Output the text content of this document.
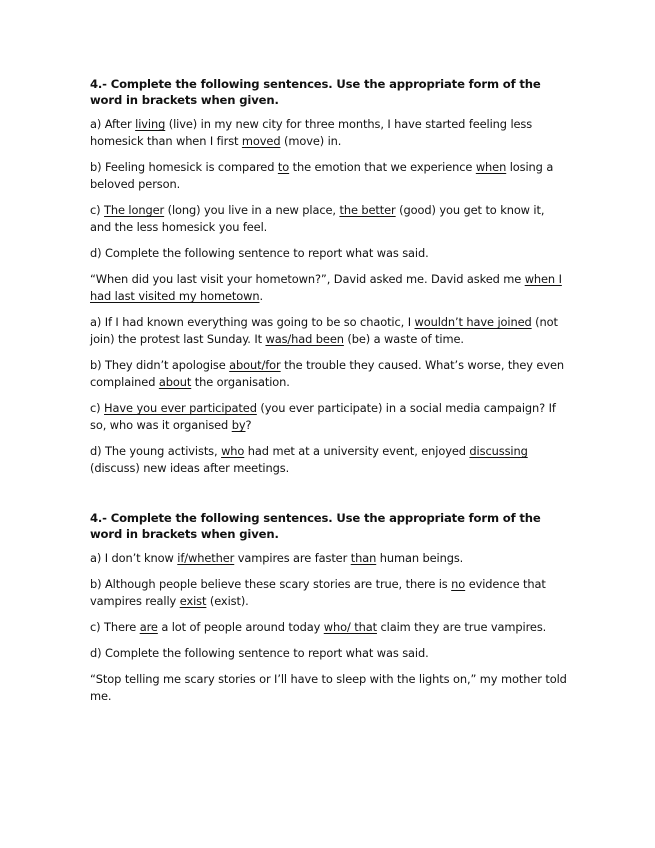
4.- Complete the following sentences. Use the appropriate form of the word in brackets when given.
a) After living (live) in my new city for three months, I have started feeling less homesick than when I first moved (move) in.
b) Feeling homesick is compared to the emotion that we experience when losing a beloved person.
c) The longer (long) you live in a new place, the better (good) you get to know it, and the less homesick you feel.
d) Complete the following sentence to report what was said.
“When did you last visit your hometown?”, David asked me. David asked me when I had last visited my hometown.
a) If I had known everything was going to be so chaotic, I wouldn’t have joined (not join) the protest last Sunday. It was/had been (be) a waste of time.
b) They didn’t apologise about/for the trouble they caused. What’s worse, they even complained about the organisation.
c) Have you ever participated (you ever participate) in a social media campaign? If so, who was it organised by?
d) The young activists, who had met at a university event, enjoyed discussing (discuss) new ideas after meetings.
4.- Complete the following sentences. Use the appropriate form of the word in brackets when given.
a) I don’t know if/whether vampires are faster than human beings.
b) Although people believe these scary stories are true, there is no evidence that vampires really exist (exist).
c) There are a lot of people around today who/ that claim they are true vampires.
d) Complete the following sentence to report what was said.
“Stop telling me scary stories or I’ll have to sleep with the lights on,” my mother told me.
